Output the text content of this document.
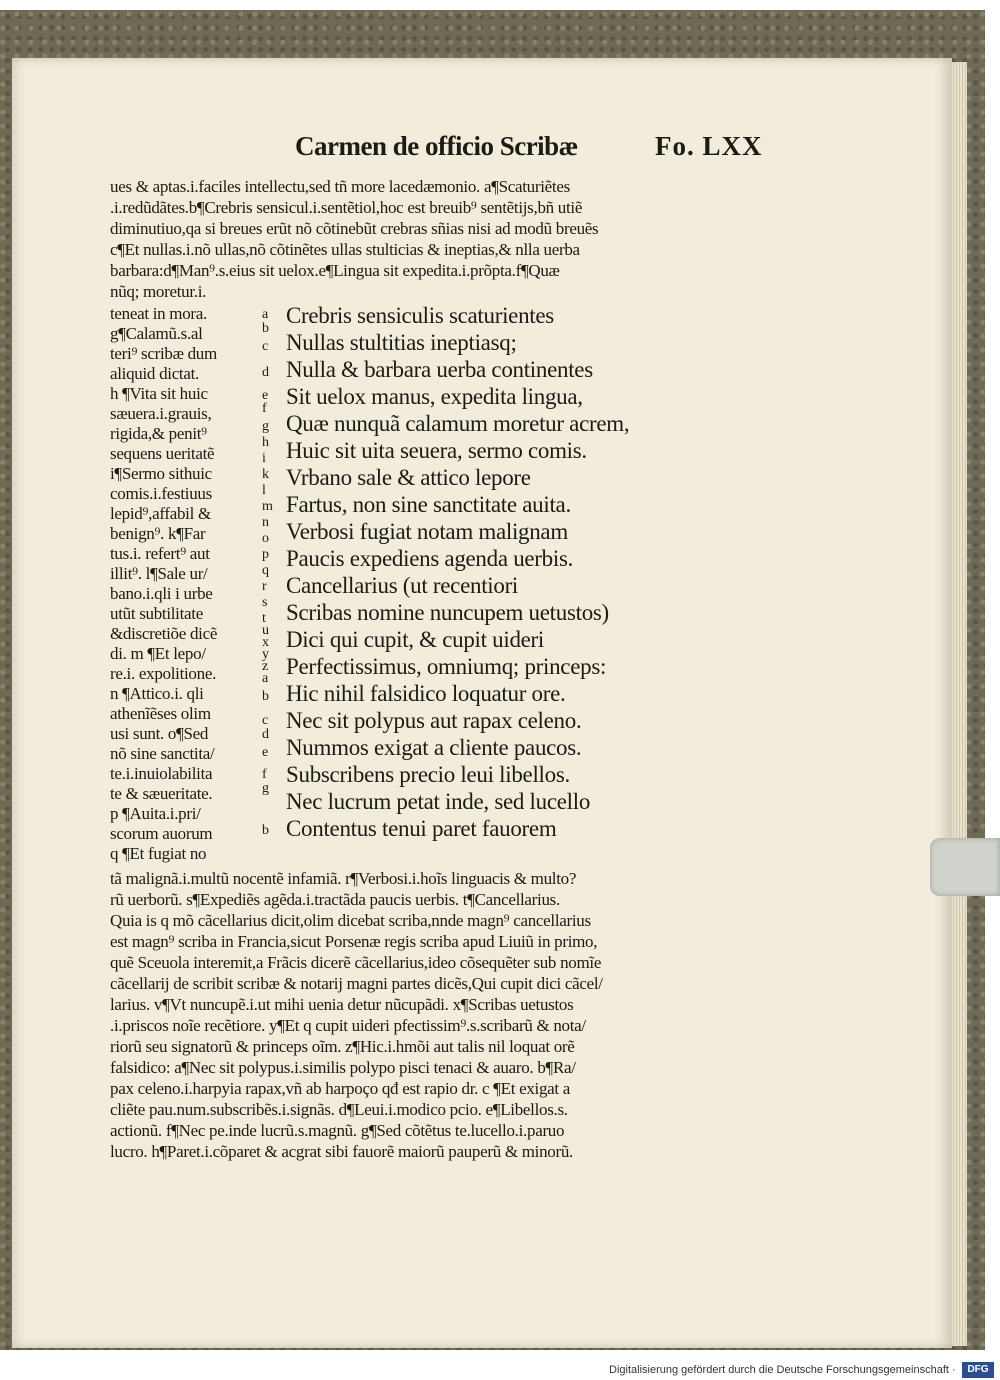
Carmen de officio Scribæ	Fo. LXX
ues & aptas.i.faciles intellectu,sed tñ more lacedæmonio. a¶Scaturiẽtes
.i.redũdãtes.b¶Crebris sensicul.i.sentẽtiol,hoc est breuib⁹ sentẽtijs,bñ utiẽ
diminutiuo,qa si breues erũt nõ cõtinebũt crebras sñias nisi ad modũ breuẽs
c¶Et nullas.i.nõ ullas,nõ cõtinẽtes ullas stulticias & ineptias,& nlla uerba
barbara:d¶Man⁹.s.eius sit uelox.e¶Lingua sit expedita.i.prõpta.f¶Quæ
nũq; moretur.i.
teneat in mora.
g¶Calamũ.s.al
teri⁹ scribæ dum
aliquid dictat.
h ¶Vita sit huic
sæuera.i.grauis,
rigida,& penit⁹
sequens ueritatẽ
i¶Sermo sithuic
comis.i.festiuus
lepid⁹,affabil &
benign⁹. k¶Far
tus.i. refert⁹ aut
illit⁹. l¶Sale ur/
bano.i.qli i urbe
utũt subtilitate
&discretiõe dicẽ
di. m ¶Et lepo/
re.i. expolitione.
n ¶Attico.i. qli
athenĩẽses olim
usi sunt. o¶Sed
nõ sine sanctita/
te.i.inuiolabilita
te & sæueritate.
p ¶Auita.i.pri/
scorum auorum
q ¶Et fugiat no
a
b
c
d
e
f
g
h
i
k
l
m
n
o
p
q
r
s
t
u
x
y
z
a
b
c
d
e
f
g
b
Crebris sensiculis scaturientes
Nullas stultitias ineptiasq;
Nulla & barbara uerba continentes
Sit uelox manus, expedita lingua,
Quæ nunquã calamum moretur acrem,
Huic sit uita seuera, sermo comis.
Vrbano sale & attico lepore
Fartus, non sine sanctitate auita.
Verbosi fugiat notam malignam
Paucis expediens agenda uerbis.
Cancellarius (ut recentiori
Scribas nomine nuncupem uetustos)
Dici qui cupit, & cupit uideri
Perfectissimus, omniumq; princeps:
Hic nihil falsidico loquatur ore.
Nec sit polypus aut rapax celeno.
Nummos exigat a cliente paucos.
Subscribens precio leui libellos.
Nec lucrum petat inde, sed lucello
Contentus tenui paret fauorem
tã malignã.i.multũ nocentẽ infamiã. r¶Verbosi.i.hoĩs linguacis & multo?
rũ uerborũ. s¶Expediẽs agẽda.i.tractãda paucis uerbis. t¶Cancellarius.
Quia is q mõ cãcellarius dicit,olim dicebat scriba,nnde magn⁹ cancellarius
est magn⁹ scriba in Francia,sicut Porsenæ regis scriba apud Liuiũ in primo,
quẽ Sceuola interemit,a Frãcis dicerẽ cãcellarius,ideo cõsequẽter sub nomĩe
cãcellarij de scribit scribæ & notarij magni partes dicẽs,Qui cupit dici cãcel/
larius. v¶Vt nuncupẽ.i.ut mihi uenia detur nũcupãdi. x¶Scribas uetustos
.i.priscos noĩe recẽtiore. y¶Et q cupit uideri pfectissim⁹.s.scribarũ & nota/
riorũ seu signatorũ & princeps oĩm. z¶Hic.i.hmõi aut talis nil loquat orẽ
falsidico: a¶Nec sit polypus.i.similis polypo pisci tenaci & auaro. b¶Ra/
pax celeno.i.harpyia rapax,vñ ab harpoço qđ est rapio dr. c ¶Et exigat a
cliẽte pau.num.subscribẽs.i.signãs. d¶Leui.i.modico pcio. e¶Libellos.s.
actionũ. f¶Nec pe.inde lucrũ.s.magnũ. g¶Sed cõtẽtus te.lucello.i.paruo
lucro. h¶Paret.i.cõparet & acgrat sibi fauorẽ maiorũ pauperũ & minorũ.
Digitalisierung gefördert durch die Deutsche Forschungsgemeinschaft ·	DFG
